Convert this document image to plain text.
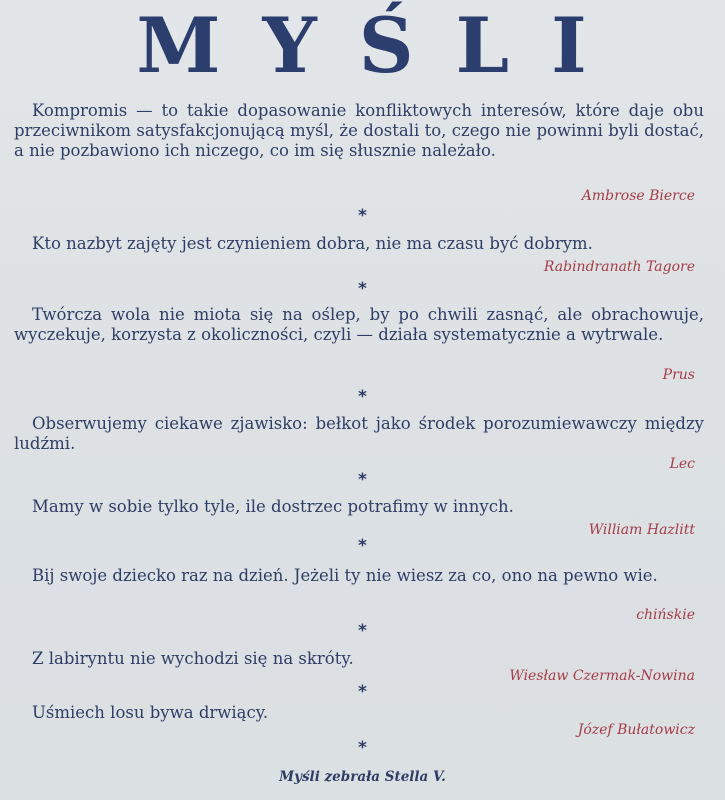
MYŚLI

Kompromis — to takie dopasowanie konfliktowych interesów, które daje obu przeciwnikom satysfakcjonującą myśl, że dostali to, czego nie powinni byli dostać, a nie pozbawiono ich niczego, co im się słusznie należało.

Ambrose Bierce

*

Kto nazbyt zajęty jest czynieniem dobra, nie ma czasu być dobrym.

Rabindranath Tagore

*

Twórcza wola nie miota się na oślep, by po chwili zasnąć, ale obrachowuje, wyczekuje, korzysta z okoliczności, czyli — działa systematycznie a wytrwale.

Prus

*

Obserwujemy ciekawe zjawisko: bełkot jako środek porozumiewawczy między ludźmi.

Lec

*

Mamy w sobie tylko tyle, ile dostrzec potrafimy w innych.

William Hazlitt

*

Bij swoje dziecko raz na dzień. Jeżeli ty nie wiesz za co, ono na pewno wie.

chińskie

*

Z labiryntu nie wychodzi się na skróty.

Wiesław Czermak-Nowina

*

Uśmiech losu bywa drwiący.

Józef Bułatowicz

*
Myśli zebrała Stella V.
